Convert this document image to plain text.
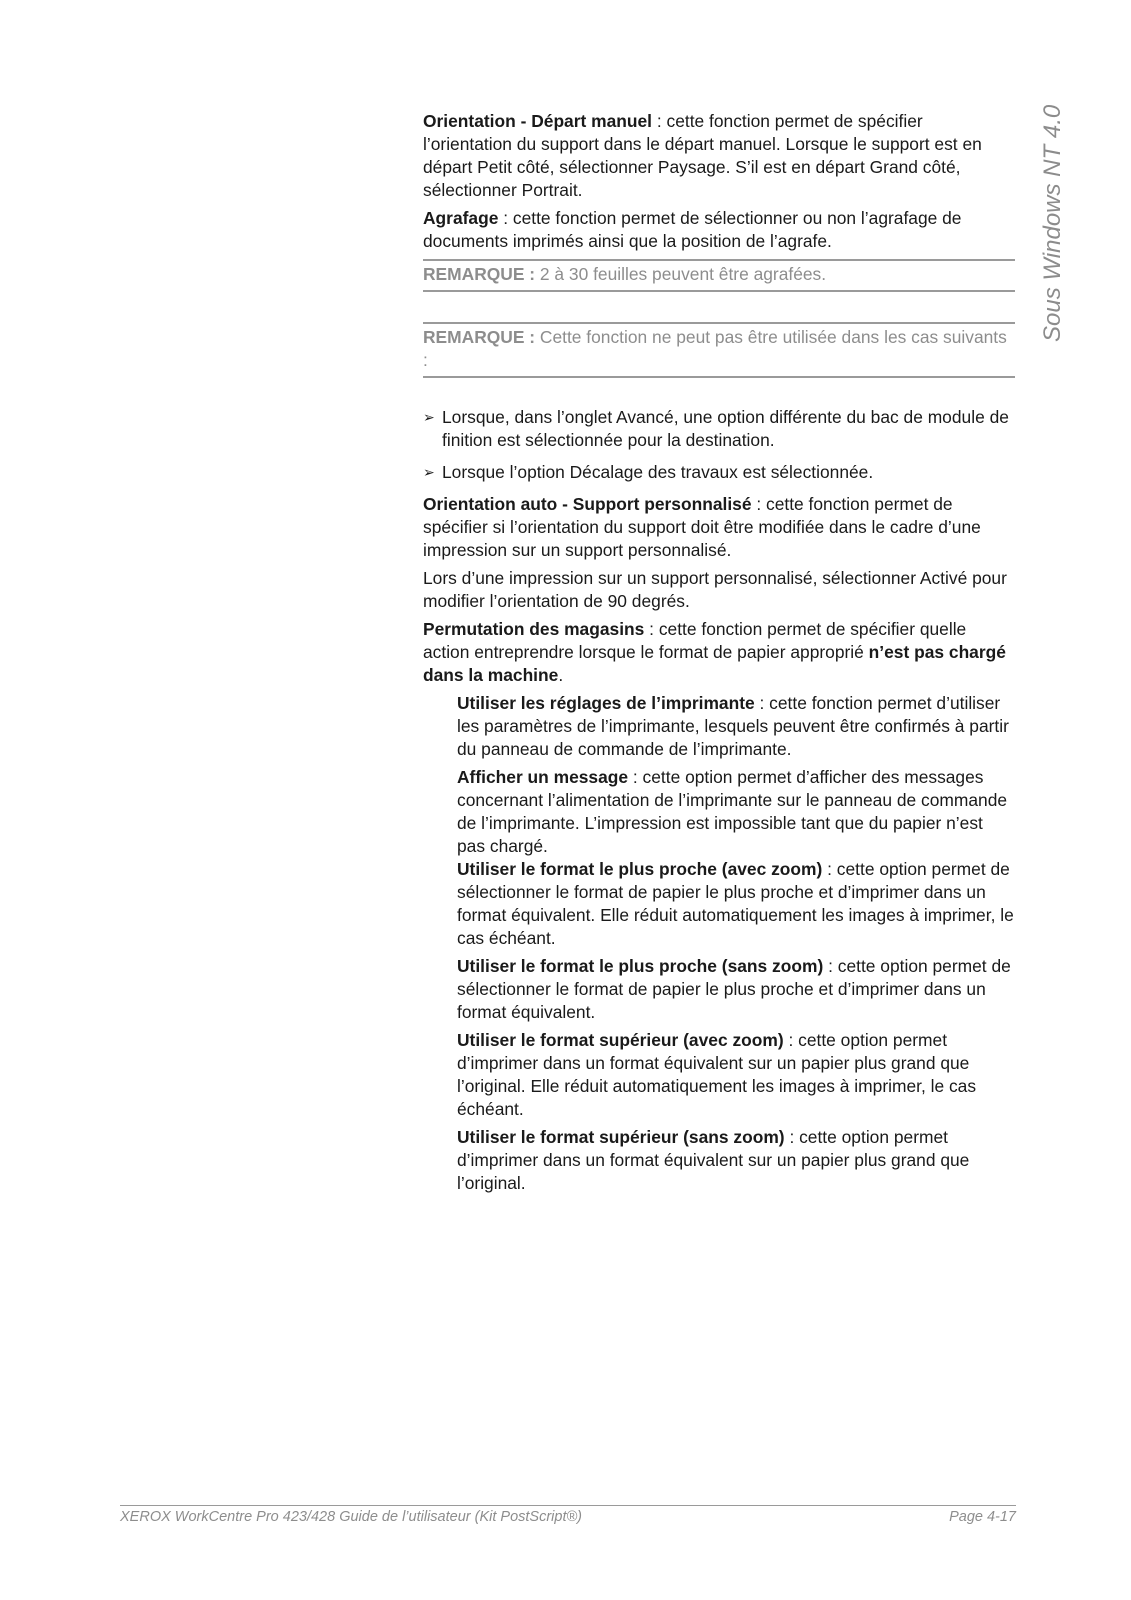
Sous Windows NT 4.0

Orientation - Départ manuel : cette fonction permet de spécifier l’orientation du support dans le départ manuel. Lorsque le support est en départ Petit côté, sélectionner Paysage. S’il est en départ Grand côté, sélectionner Portrait.

Agrafage : cette fonction permet de sélectionner ou non l’agrafage de documents imprimés ainsi que la position de l’agrafe.

REMARQUE : 2 à 30 feuilles peuvent être agrafées.
REMARQUE : Cette fonction ne peut pas être utilisée dans les cas suivants :
➢ Lorsque, dans l’onglet Avancé, une option différente du bac de module de finition est sélectionnée pour la destination.
➢ Lorsque l’option Décalage des travaux est sélectionnée.

Orientation auto - Support personnalisé : cette fonction permet de spécifier si l’orientation du support doit être modifiée dans le cadre d’une impression sur un support personnalisé.

Lors d’une impression sur un support personnalisé, sélectionner Activé pour modifier l’orientation de 90 degrés.

Permutation des magasins : cette fonction permet de spécifier quelle action entreprendre lorsque le format de papier approprié n’est pas chargé dans la machine.

Utiliser les réglages de l’imprimante : cette fonction permet d’utiliser les paramètres de l’imprimante, lesquels peuvent être confirmés à partir du panneau de commande de l’imprimante.

Afficher un message : cette option permet d’afficher des messages concernant l’alimentation de l’imprimante sur le panneau de commande de l’imprimante. L’impression est impossible tant que du papier n’est pas chargé.

Utiliser le format le plus proche (avec zoom) : cette option permet de sélectionner le format de papier le plus proche et d’imprimer dans un format équivalent. Elle réduit automatiquement les images à imprimer, le cas échéant.

Utiliser le format le plus proche (sans zoom) : cette option permet de sélectionner le format de papier le plus proche et d’imprimer dans un format équivalent.

Utiliser le format supérieur (avec zoom) : cette option permet d’imprimer dans un format équivalent sur un papier plus grand que l’original. Elle réduit automatiquement les images à imprimer, le cas échéant.

Utiliser le format supérieur (sans zoom) : cette option permet d’imprimer dans un format équivalent sur un papier plus grand que l’original.

XEROX WorkCentre Pro 423/428 Guide de l’utilisateur (Kit PostScript®)	Page 4-17
